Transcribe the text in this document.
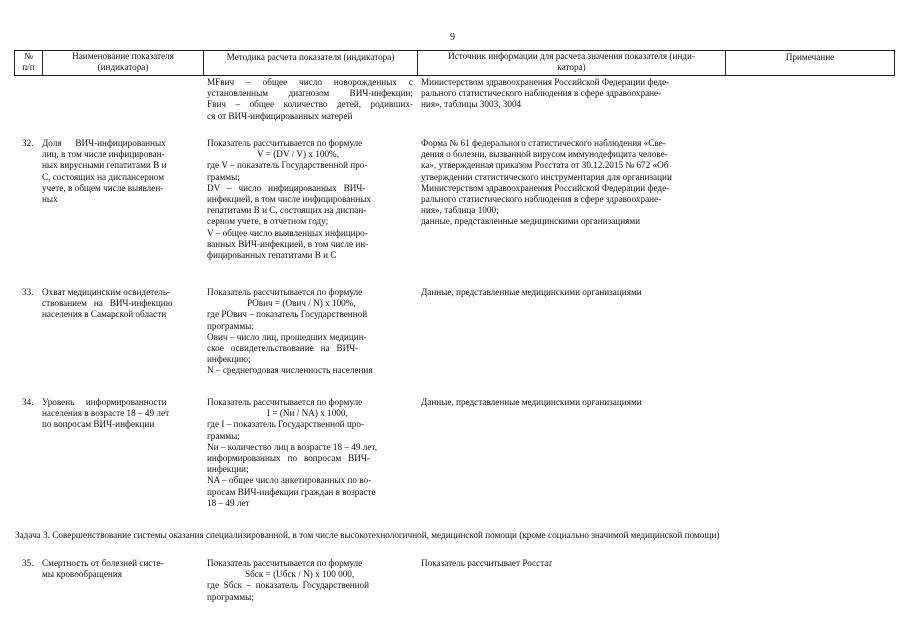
9
№
п/п
Наименование показателя
(индикатора)
Методика расчета показателя (индикатора)	Источник информации для расчета значения показателя (инди-
катора)
Примечание
MFвич – общее число новорожденных с
установленным диагнозом ВИЧ-инфекции;
Fвич – общее количество детей, родивших-
ся от ВИЧ-инфицированных матерей
Министерством здравоохранения Российской Федерации феде-
рального статистического наблюдения в сфере здравоохране-
ния», таблицы 3003, 3004
32. Доля      ВИЧ-инфицированных
лиц, в том числе инфицирован-
ных вирусными гепатитами В и
С, состоящих на диспансерном
учете, в общем числе выявлен-
ных
Показатель рассчитывается по формуле
V = (DV / V) x 100%,
где V – показатель Государственной про-
граммы;
DV   –   число   инфицированных   ВИЧ-
инфекцией, в том числе инфицированных
гепатитами В и С, состоящих на диспан-
серном учете, в отчетном году;
V – общее число выявленных инфициро-
ванных ВИЧ-инфекцией, в том числе ин-
фицированных гепатитами В и С
Форма № 61 федерального статистического наблюдения «Све-
дения о болезни, вызванной вирусом иммунодефицита челове-
ка», утвержденная приказом Росстата от 30.12.2015 № 672 «Об
утверждении статистического инструментария для организации
Министерством здравоохранения Российской Федерации феде-
рального статистического наблюдения в сфере здравоохране-
ния», таблица 1000;
данные, представленные медицинскими организациями
33. Охват медицинским освидетель-
ствованием   на   ВИЧ-инфекцию
населения в Самарской области
Показатель рассчитывается по формуле
POвич = (Oвич / N) x 100%,
где POвич – показатель Государственной
программы;
Oвич – число лиц, прошедших медицин-
ское   освидетельствование   на   ВИЧ-
инфекцию;
N – среднегодовая численность населения
Данные, представленные медицинскими организациями
34. Уровень     информированности
населения в возрасте 18 – 49 лет
по вопросам ВИЧ-инфекции
Показатель рассчитывается по формуле
I = (Nи / NA) x 1000,
где I – показатель Государственной про-
граммы;
Nи – количество лиц в возрасте 18 – 49 лет,
информированных   по   вопросам   ВИЧ-
инфекции;
NA – общее число анкетированных по во-
просам ВИЧ-инфекции граждан в возрасте
18 – 49 лет
Данные, представленные медицинскими организациями
Задача 3. Совершенствование системы оказания специализированной, в том числе высокотехнологичной, медицинской помощи (кроме социально значимой медицинской помощи)
35. Смертность от болезней систе-
мы кровообращения
Показатель рассчитывается по формуле
Sбск = (Uбск / N) x 100 000,
где  Sбск  –  показатель  Государственной
программы;
Показатель рассчитывает Росстат
